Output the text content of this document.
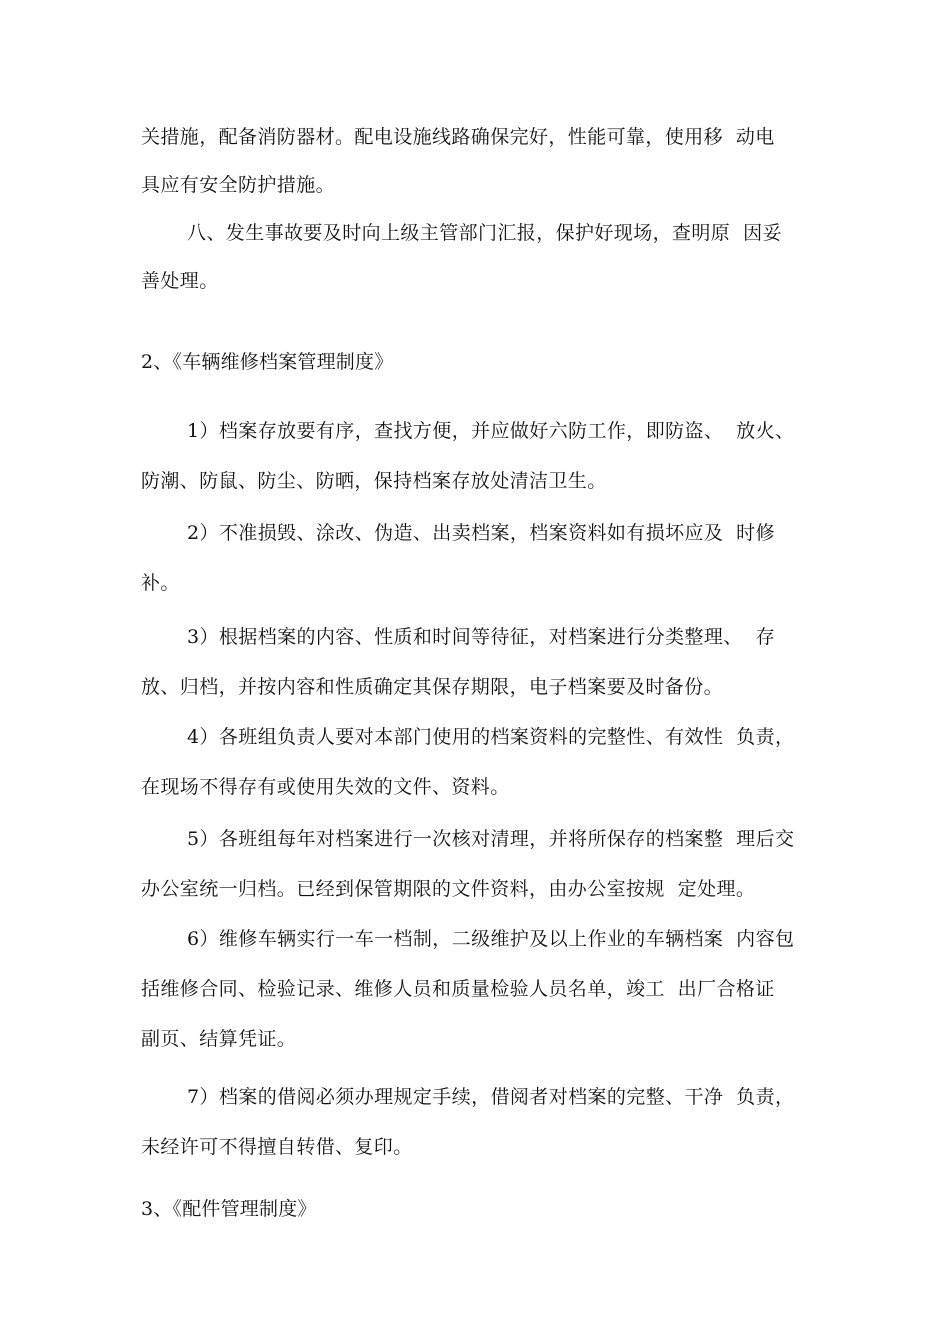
关措施，配备消防器材。配电设施线路确保完好，性能可靠，使用移  动电
具应有安全防护措施。
八、发生事故要及时向上级主管部门汇报，保护好现场，查明原  因妥
善处理。
2、《车辆维修档案管理制度》
1）档案存放要有序，查找方便，并应做好六防工作，即防盗、  放火、
防潮、防鼠、防尘、防晒，保持档案存放处清洁卫生。
2）不准损毁、涂改、伪造、出卖档案，档案资料如有损坏应及  时修
补。
3）根据档案的内容、性质和时间等待征，对档案进行分类整理、  存
放、归档，并按内容和性质确定其保存期限，电子档案要及时备份。
4）各班组负责人要对本部门使用的档案资料的完整性、有效性  负责，
在现场不得存有或使用失效的文件、资料。
5）各班组每年对档案进行一次核对清理，并将所保存的档案整  理后交
办公室统一归档。已经到保管期限的文件资料，由办公室按规  定处理。
6）维修车辆实行一车一档制，二级维护及以上作业的车辆档案  内容包
括维修合同、检验记录、维修人员和质量检验人员名单，竣工  出厂合格证
副页、结算凭证。
7）档案的借阅必须办理规定手续，借阅者对档案的完整、干净  负责，
未经许可不得擅自转借、复印。
3、《配件管理制度》
